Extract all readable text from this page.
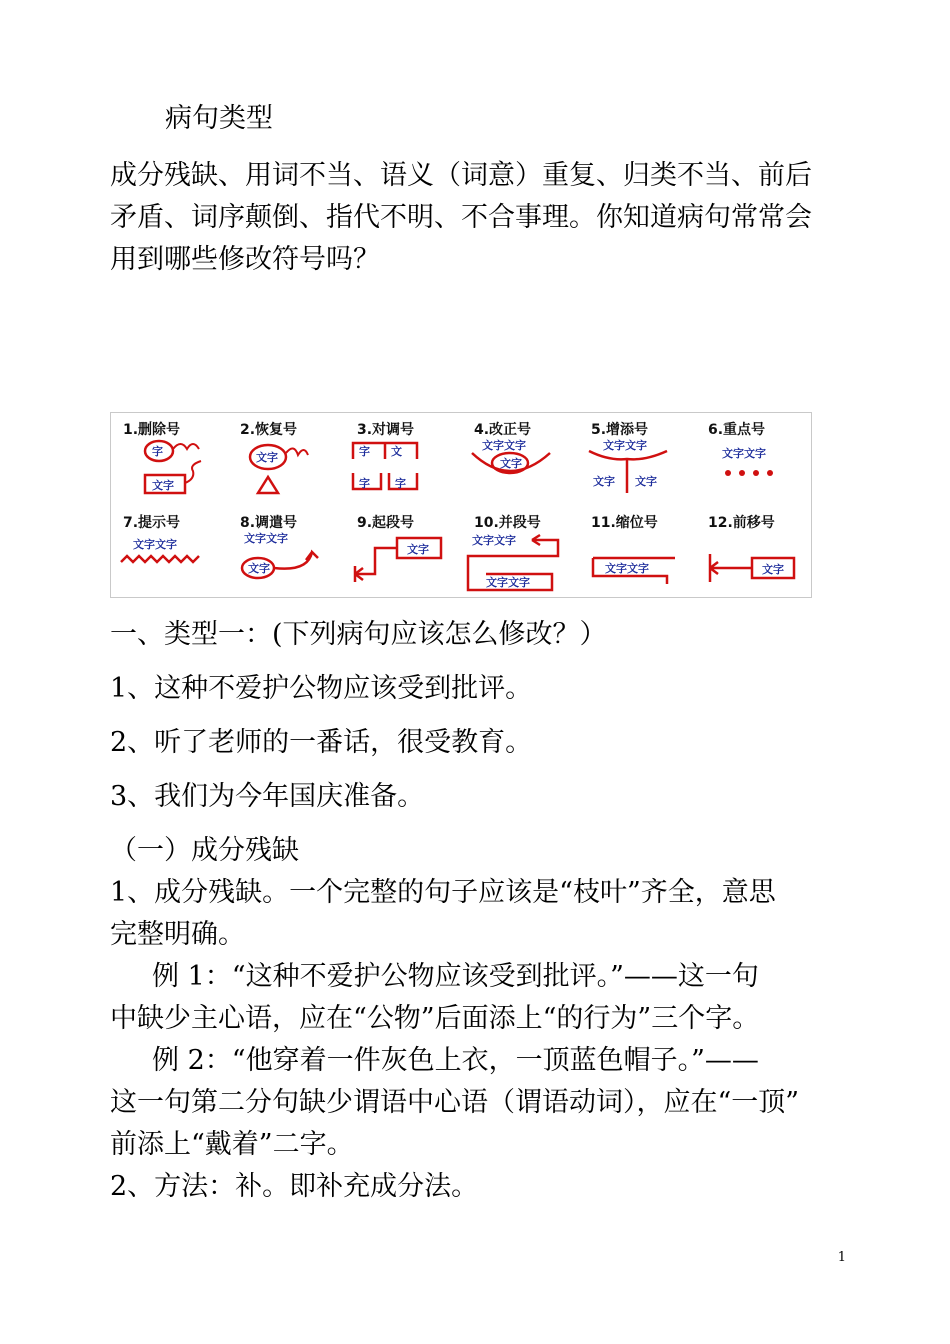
病句类型

成分残缺、用词不当、语义（词意）重复、归类不当、前后

矛盾、词序颠倒、指代不明、不合事理。你知道病句常常会

用到哪些修改符号吗？

1.删除号
字
文字
2.恢复号
文字
3.对调号
字 文
字 字
4.改正号
文字文字
文字
5.增添号
文字文字
文字 文字
6.重点号
文字文字
7.提示号
文字文字
8.调遣号
文字文字
文字
9.起段号
文字
10.并段号
文字文字
文字文字
11.缩位号
文字文字
12.前移号
文字

一、类型一：(下列病句应该怎么修改？）

1、这种不爱护公物应该受到批评。

2、听了老师的一番话，很受教育。

3、我们为今年国庆准备。

（一）成分残缺

1、成分残缺。一个完整的句子应该是“枝叶”齐全，意思

完整明确。

例 1：“这种不爱护公物应该受到批评。”——这一句

中缺少主心语，应在“公物”后面添上“的行为”三个字。

例 2：“他穿着一件灰色上衣，一顶蓝色帽子。”——

这一句第二分句缺少谓语中心语（谓语动词），应在“一顶”

前添上“戴着”二字。

2、方法：补。即补充成分法。

1
